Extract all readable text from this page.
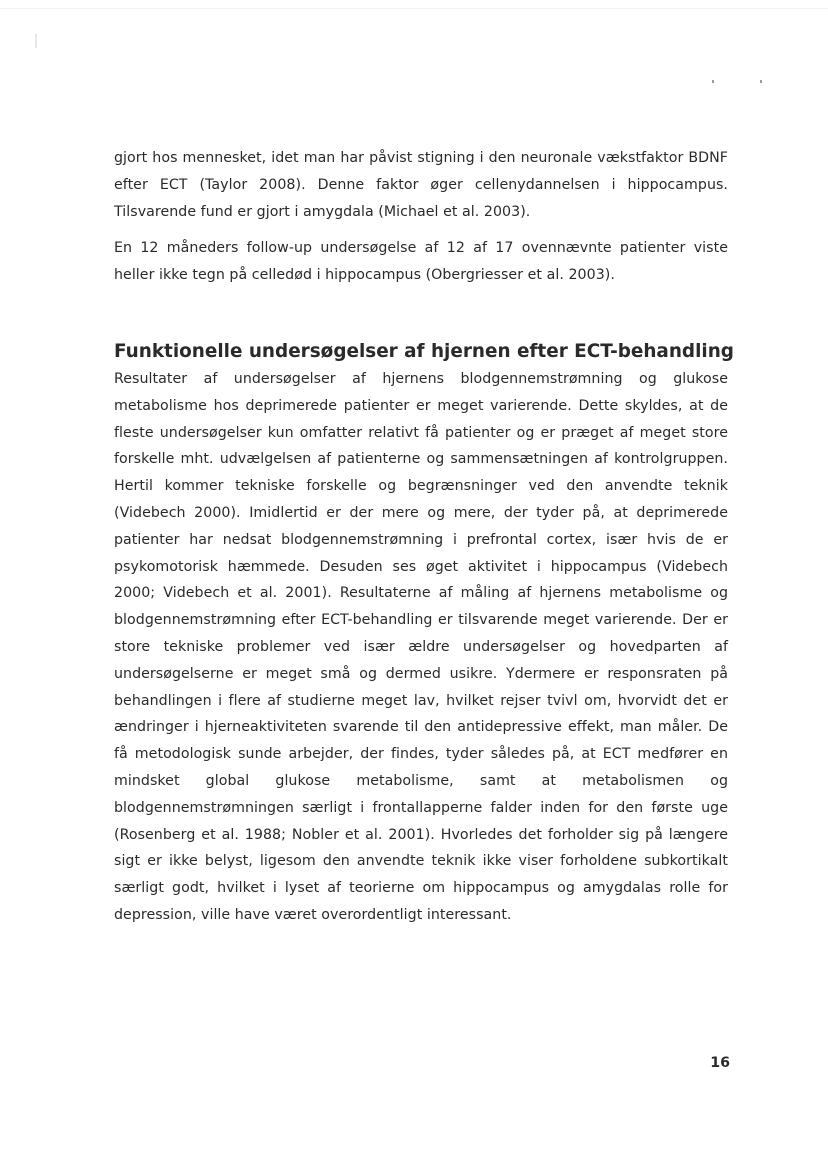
gjort hos mennesket, idet man har påvist stigning i den neuronale vækstfaktor BDNF efter ECT (Taylor 2008). Denne faktor øger cellenydannelsen i hippocampus. Tilsvarende fund er gjort i amygdala (Michael et al. 2003).

En 12 måneders follow-up undersøgelse af 12 af 17 ovennævnte patienter viste heller ikke tegn på celledød i hippocampus (Obergriesser et al. 2003).

Funktionelle undersøgelser af hjernen efter ECT-behandling

Resultater af undersøgelser af hjernens blodgennemstrømning og glukose metabolisme hos deprimerede patienter er meget varierende. Dette skyldes, at de fleste undersøgelser kun omfatter relativt få patienter og er præget af meget store forskelle mht. udvælgelsen af patienterne og sammensætningen af kontrolgruppen. Hertil kommer tekniske forskelle og begrænsninger ved den anvendte teknik (Videbech 2000). Imidlertid er der mere og mere, der tyder på, at deprimerede patienter har nedsat blodgennemstrømning i prefrontal cortex, især hvis de er psykomotorisk hæmmede. Desuden ses øget aktivitet i hippocampus (Videbech 2000; Videbech et al. 2001). Resultaterne af måling af hjernens metabolisme og blodgennemstrømning efter ECT-behandling er tilsvarende meget varierende. Der er store tekniske problemer ved især ældre undersøgelser og hovedparten af undersøgelserne er meget små og dermed usikre. Ydermere er responsraten på behandlingen i flere af studierne meget lav, hvilket rejser tvivl om, hvorvidt det er ændringer i hjerneaktiviteten svarende til den antidepressive effekt, man måler. De få metodologisk sunde arbejder, der findes, tyder således på, at ECT medfører en mindsket global glukose metabolisme, samt at metabolismen og blodgennemstrømningen særligt i frontallapperne falder inden for den første uge (Rosenberg et al. 1988; Nobler et al. 2001). Hvorledes det forholder sig på længere sigt er ikke belyst, ligesom den anvendte teknik ikke viser forholdene subkortikalt særligt godt, hvilket i lyset af teorierne om hippocampus og amygdalas rolle for depression, ville have været overordentligt interessant.

16
